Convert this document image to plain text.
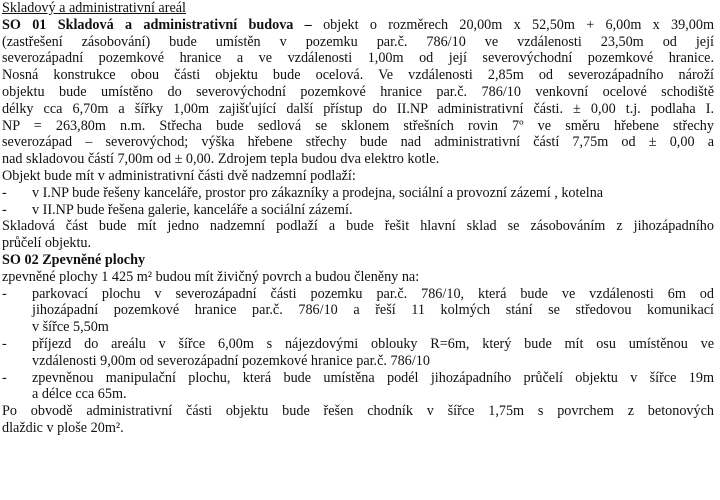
Skladový a administrativní areál
SO 01 Skladová a administrativní budova – objekt o rozměrech 20,00m x 52,50m + 6,00m x 39,00m
(zastřešení zásobování) bude umístěn v pozemku par.č. 786/10 ve vzdálenosti 23,50m od její
severozápadní pozemkové hranice a ve vzdálenosti 1,00m od její severovýchodní pozemkové hranice.
Nosná konstrukce obou části objektu bude ocelová. Ve vzdálenosti 2,85m od severozápadního nároží
objektu bude umístěno do severovýchodní pozemkové hranice par.č. 786/10 venkovní ocelové schodiště
délky cca 6,70m a šířky 1,00m zajišťující další přístup do II.NP administrativní části. ± 0,00 t.j. podlaha I.
NP = 263,80m n.m. Střecha bude sedlová se sklonem střešních rovin 7º ve směru hřebene střechy
severozápad – severovýchod; výška hřebene střechy bude nad administrativní částí 7,75m od ± 0,00 a
nad skladovou částí 7,00m od ± 0,00. Zdrojem tepla budou dva elektro kotle.
Objekt bude mít v administrativní části dvě nadzemní podlaží:
- v I.NP bude řešeny kanceláře, prostor pro zákazníky a prodejna, sociální a provozní zázemí , kotelna
- v II.NP bude řešena galerie, kanceláře a sociální zázemí.
Skladová část bude mít jedno nadzemní podlaží a bude řešit hlavní sklad se zásobováním z jihozápadního
průčelí objektu.
SO 02 Zpevněné plochy
zpevněné plochy 1 425 m² budou mít živičný povrch a budou členěny na:
- parkovací plochu v severozápadní části pozemku par.č. 786/10, která bude ve vzdálenosti 6m od
jihozápadní pozemkové hranice par.č. 786/10 a řeší 11 kolmých stání se středovou komunikací
v šířce 5,50m
- příjezd do areálu v šířce 6,00m s nájezdovými oblouky R=6m, který bude mít osu umístěnou ve
vzdálenosti 9,00m od severozápadní pozemkové hranice par.č. 786/10
- zpevněnou manipulační plochu, která bude umístěna podél jihozápadního průčelí objektu v šířce 19m
a délce cca 65m.
Po obvodě administrativní části objektu bude řešen chodník v šířce 1,75m s povrchem z betonových
dlaždic v ploše 20m².
